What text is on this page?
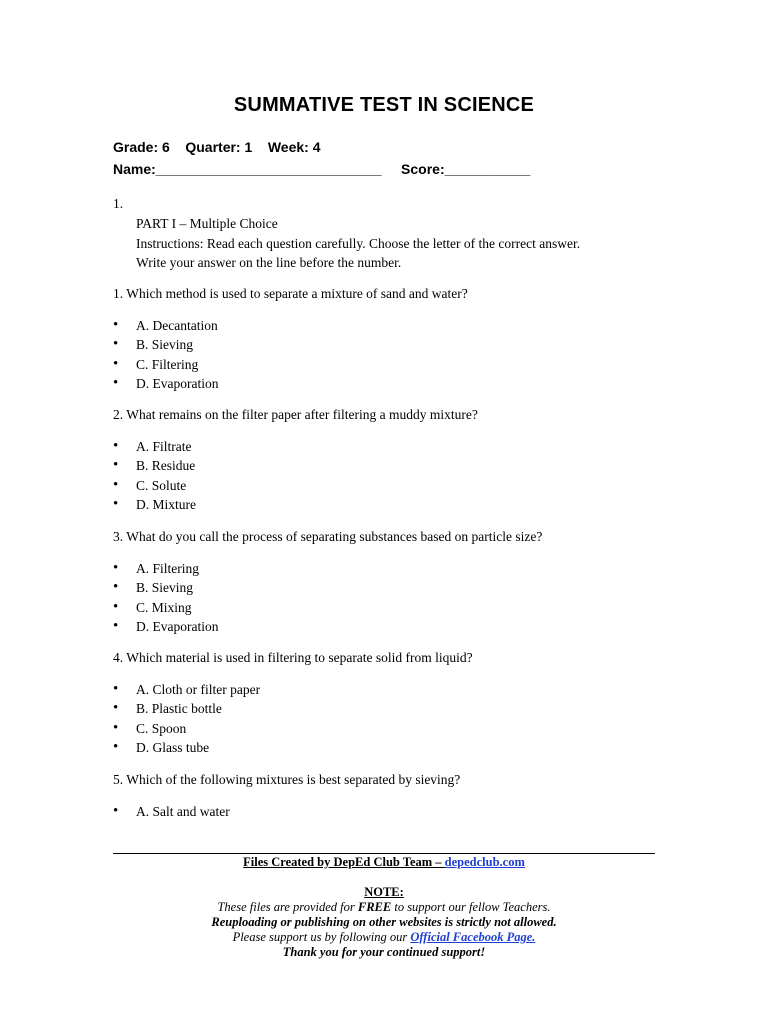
SUMMATIVE TEST IN SCIENCE
Grade: 6    Quarter: 1    Week: 4
Name:_____________________________     Score:___________
1.
PART I – Multiple Choice
Instructions: Read each question carefully. Choose the letter of the correct answer.
Write your answer on the line before the number.
1. Which method is used to separate a mixture of sand and water?
• A. Decantation
• B. Sieving
• C. Filtering
• D. Evaporation
2. What remains on the filter paper after filtering a muddy mixture?
• A. Filtrate
• B. Residue
• C. Solute
• D. Mixture
3. What do you call the process of separating substances based on particle size?
• A. Filtering
• B. Sieving
• C. Mixing
• D. Evaporation
4. Which material is used in filtering to separate solid from liquid?
• A. Cloth or filter paper
• B. Plastic bottle
• C. Spoon
• D. Glass tube
5. Which of the following mixtures is best separated by sieving?
• A. Salt and water
Files Created by DepEd Club Team – depedclub.com
NOTE:
These files are provided for FREE to support our fellow Teachers.
Reuploading or publishing on other websites is strictly not allowed.
Please support us by following our Official Facebook Page.
Thank you for your continued support!
